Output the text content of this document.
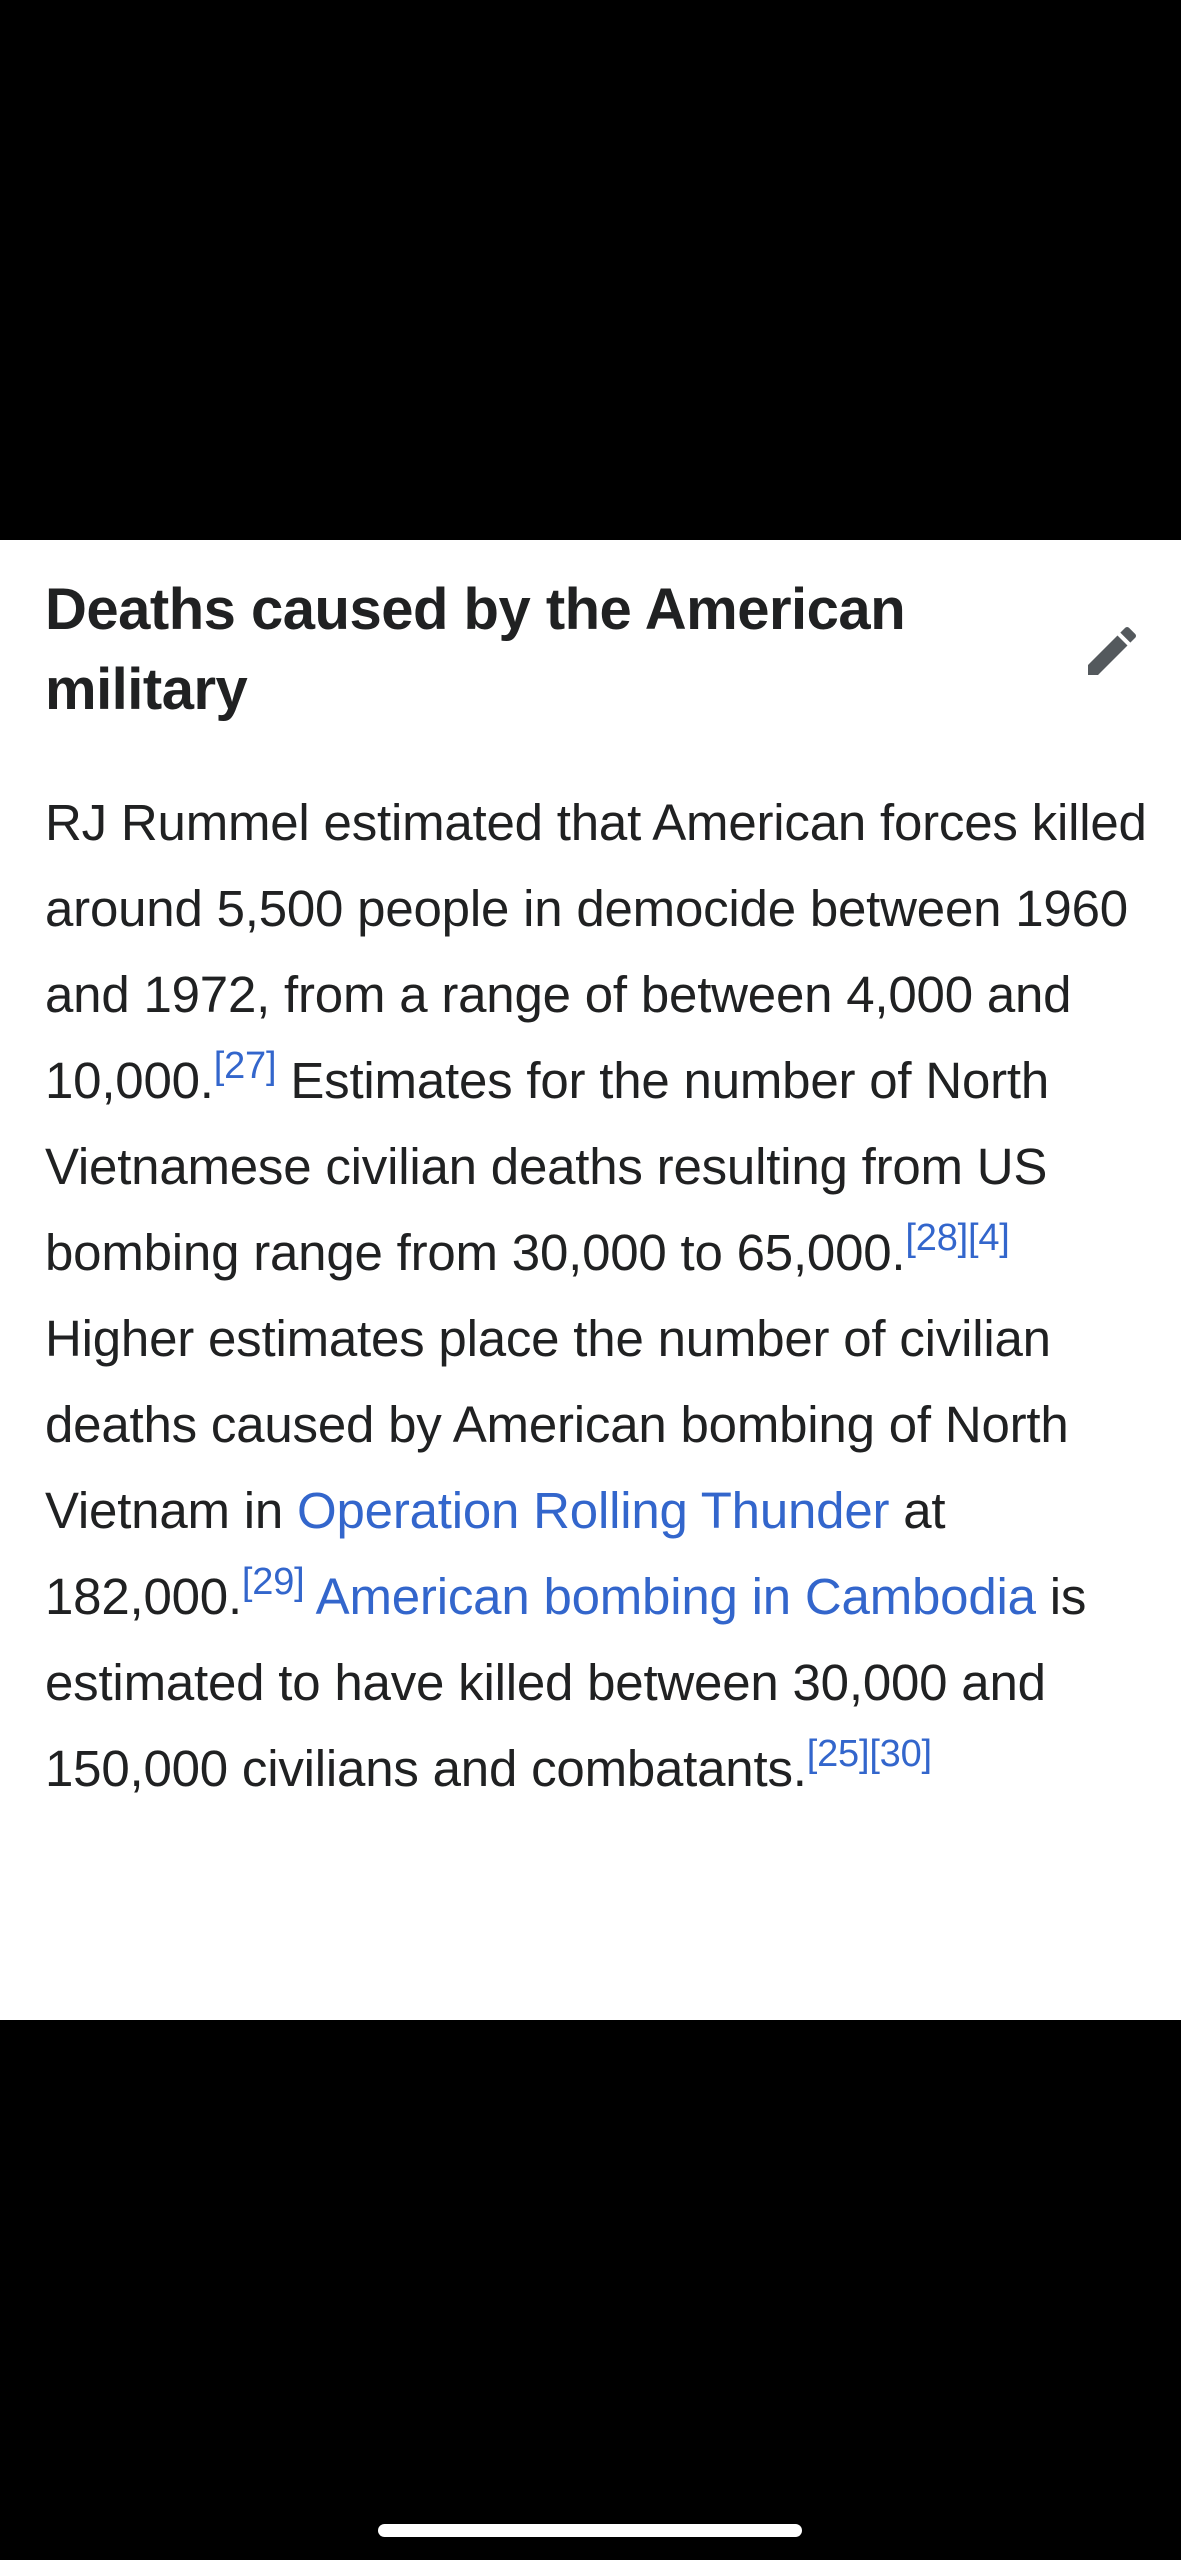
Deaths caused by the American military

RJ Rummel estimated that American forces killed around 5,500 people in democide between 1960 and 1972, from a range of between 4,000 and 10,000.[27] Estimates for the number of North Vietnamese civilian deaths resulting from US bombing range from 30,000 to 65,000.[28][4] Higher estimates place the number of civilian deaths caused by American bombing of North Vietnam in Operation Rolling Thunder at 182,000.[29] American bombing in Cambodia is estimated to have killed between 30,000 and 150,000 civilians and combatants.[25][30]
